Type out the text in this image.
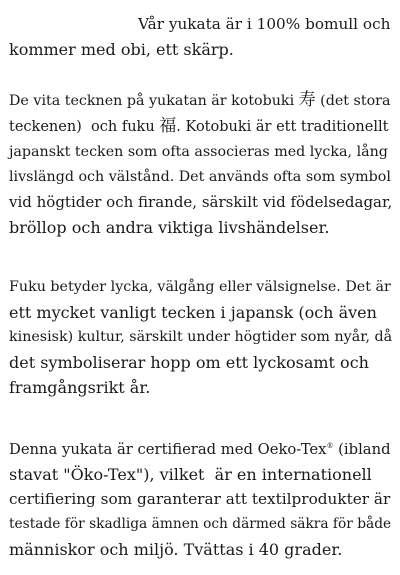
Vår yukata är i 100% bomull och
kommer med obi, ett skärp.

De vita tecknen på yukatan är kotobuki 寿 (det stora
teckenen)  och fuku 福. Kotobuki är ett traditionellt
japanskt tecken som ofta associeras med lycka, lång
livslängd och välstånd. Det används ofta som symbol
vid högtider och firande, särskilt vid födelsedagar,
bröllop och andra viktiga livshändelser.

Fuku betyder lycka, välgång eller välsignelse. Det är
ett mycket vanligt tecken i japansk (och även
kinesisk) kultur, särskilt under högtider som nyår, då
det symboliserar hopp om ett lyckosamt och
framgångsrikt år.

Denna yukata är certifierad med Oeko-Tex® (ibland
stavat "Öko-Tex"), vilket  är en internationell
certifiering som garanterar att textilprodukter är
testade för skadliga ämnen och därmed säkra för både
människor och miljö. Tvättas i 40 grader.
